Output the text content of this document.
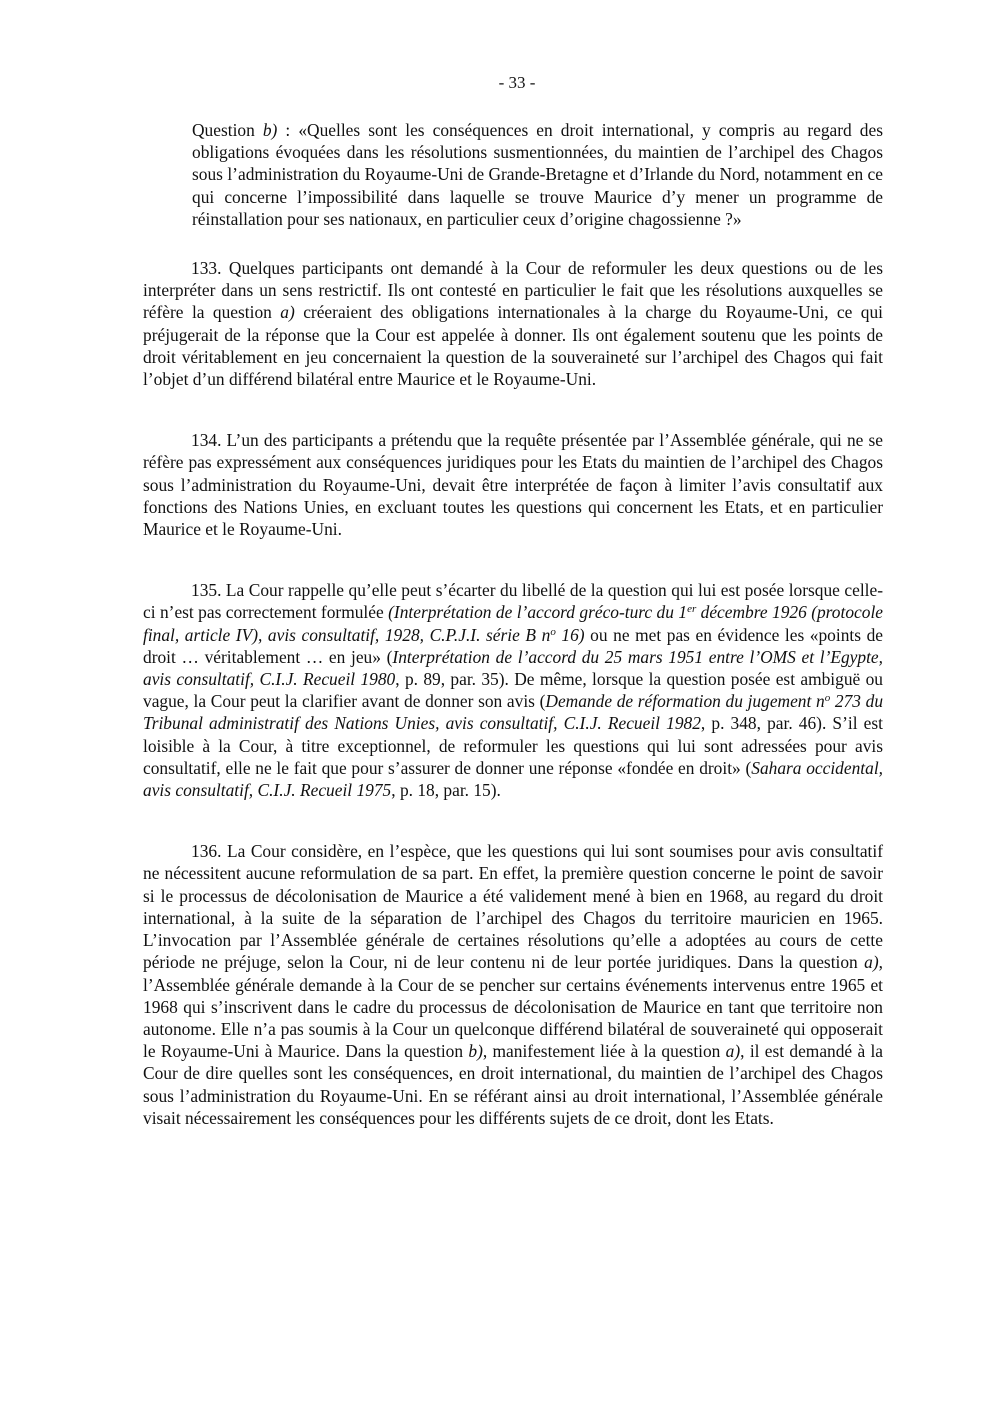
- 33 -

Question b) : «Quelles sont les conséquences en droit international, y compris au regard des obligations évoquées dans les résolutions susmentionnées, du maintien de l’archipel des Chagos sous l’administration du Royaume-Uni de Grande-Bretagne et d’Irlande du Nord, notamment en ce qui concerne l’impossibilité dans laquelle se trouve Maurice d’y mener un programme de réinstallation pour ses nationaux, en particulier ceux d’origine chagossienne ?»

133. Quelques participants ont demandé à la Cour de reformuler les deux questions ou de les interpréter dans un sens restrictif. Ils ont contesté en particulier le fait que les résolutions auxquelles se réfère la question a) créeraient des obligations internationales à la charge du Royaume-Uni, ce qui préjugerait de la réponse que la Cour est appelée à donner. Ils ont également soutenu que les points de droit véritablement en jeu concernaient la question de la souveraineté sur l’archipel des Chagos qui fait l’objet d’un différend bilatéral entre Maurice et le Royaume-Uni.

134. L’un des participants a prétendu que la requête présentée par l’Assemblée générale, qui ne se réfère pas expressément aux conséquences juridiques pour les Etats du maintien de l’archipel des Chagos sous l’administration du Royaume-Uni, devait être interprétée de façon à limiter l’avis consultatif aux fonctions des Nations Unies, en excluant toutes les questions qui concernent les Etats, et en particulier Maurice et le Royaume-Uni.

135. La Cour rappelle qu’elle peut s’écarter du libellé de la question qui lui est posée lorsque celle-ci n’est pas correctement formulée (Interprétation de l’accord gréco-turc du 1er décembre 1926 (protocole final, article IV), avis consultatif, 1928, C.P.J.I. série B $n^o$ 16) ou ne met pas en évidence les «points de droit … véritablement … en jeu» (Interprétation de l’accord du 25 mars 1951 entre l’OMS et l’Egypte, avis consultatif, C.I.J. Recueil 1980, p. 89, par. 35). De même, lorsque la question posée est ambiguë ou vague, la Cour peut la clarifier avant de donner son avis (Demande de réformation du jugement $n^o$ 273 du Tribunal administratif des Nations Unies, avis consultatif, C.I.J. Recueil 1982, p. 348, par. 46). S’il est loisible à la Cour, à titre exceptionnel, de reformuler les questions qui lui sont adressées pour avis consultatif, elle ne le fait que pour s’assurer de donner une réponse «fondée en droit» (Sahara occidental, avis consultatif, C.I.J. Recueil 1975, p. 18, par. 15).

136. La Cour considère, en l’espèce, que les questions qui lui sont soumises pour avis consultatif ne nécessitent aucune reformulation de sa part. En effet, la première question concerne le point de savoir si le processus de décolonisation de Maurice a été validement mené à bien en 1968, au regard du droit international, à la suite de la séparation de l’archipel des Chagos du territoire mauricien en 1965. L’invocation par l’Assemblée générale de certaines résolutions qu’elle a adoptées au cours de cette période ne préjuge, selon la Cour, ni de leur contenu ni de leur portée juridiques. Dans la question a), l’Assemblée générale demande à la Cour de se pencher sur certains événements intervenus entre 1965 et 1968 qui s’inscrivent dans le cadre du processus de décolonisation de Maurice en tant que territoire non autonome. Elle n’a pas soumis à la Cour un quelconque différend bilatéral de souveraineté qui opposerait le Royaume-Uni à Maurice. Dans la question b), manifestement liée à la question a), il est demandé à la Cour de dire quelles sont les conséquences, en droit international, du maintien de l’archipel des Chagos sous l’administration du Royaume-Uni. En se référant ainsi au droit international, l’Assemblée générale visait nécessairement les conséquences pour les différents sujets de ce droit, dont les Etats.
